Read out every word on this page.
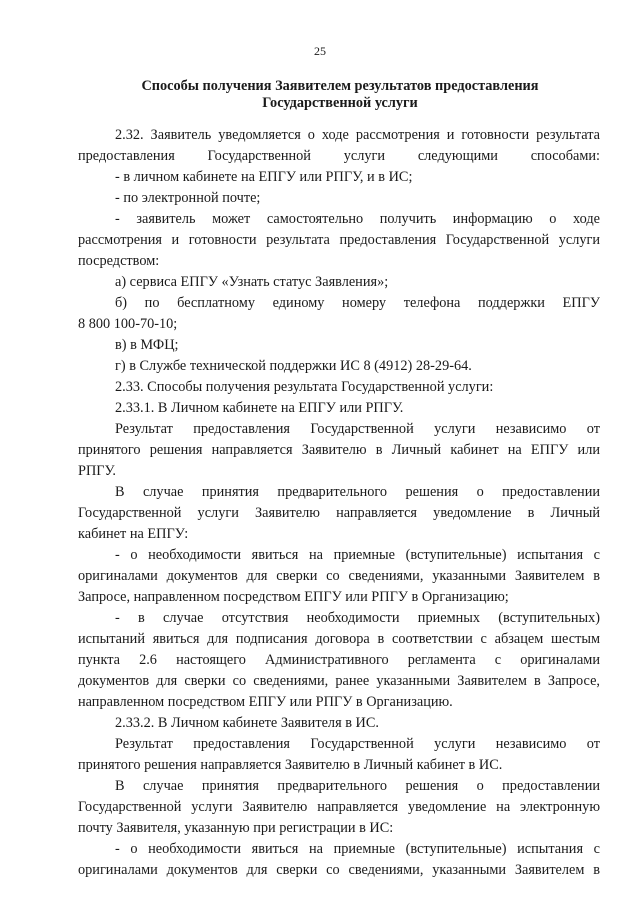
25
Способы получения Заявителем результатов предоставления
Государственной услуги
2.32. Заявитель уведомляется о ходе рассмотрения и готовности результата
предоставления Государственной услуги следующими способами:
- в личном кабинете на ЕПГУ или РПГУ, и в ИС;
- по электронной почте;
- заявитель может самостоятельно получить информацию о ходе
рассмотрения и готовности результата предоставления Государственной услуги
посредством:
а) сервиса ЕПГУ «Узнать статус Заявления»;
б) по бесплатному единому номеру телефона поддержки ЕПГУ
8 800 100-70-10;
в) в МФЦ;
г) в Службе технической поддержки ИС 8 (4912) 28-29-64.
2.33. Способы получения результата Государственной услуги:
2.33.1. В Личном кабинете на ЕПГУ или РПГУ.
Результат предоставления Государственной услуги независимо от
принятого решения направляется Заявителю в Личный кабинет на ЕПГУ или
РПГУ.
В случае принятия предварительного решения о предоставлении
Государственной услуги Заявителю направляется уведомление в Личный
кабинет на ЕПГУ:
- о необходимости явиться на приемные (вступительные) испытания с
оригиналами документов для сверки со сведениями, указанными Заявителем в
Запросе, направленном посредством ЕПГУ или РПГУ в Организацию;
- в случае отсутствия необходимости приемных (вступительных)
испытаний явиться для подписания договора в соответствии с абзацем шестым
пункта 2.6 настоящего Административного регламента с оригиналами
документов для сверки со сведениями, ранее указанными Заявителем в Запросе,
направленном посредством ЕПГУ или РПГУ в Организацию.
2.33.2. В Личном кабинете Заявителя в ИС.
Результат предоставления Государственной услуги независимо от
принятого решения направляется Заявителю в Личный кабинет в ИС.
В случае принятия предварительного решения о предоставлении
Государственной услуги Заявителю направляется уведомление на электронную
почту Заявителя, указанную при регистрации в ИС:
- о необходимости явиться на приемные (вступительные) испытания с
оригиналами документов для сверки со сведениями, указанными Заявителем в
